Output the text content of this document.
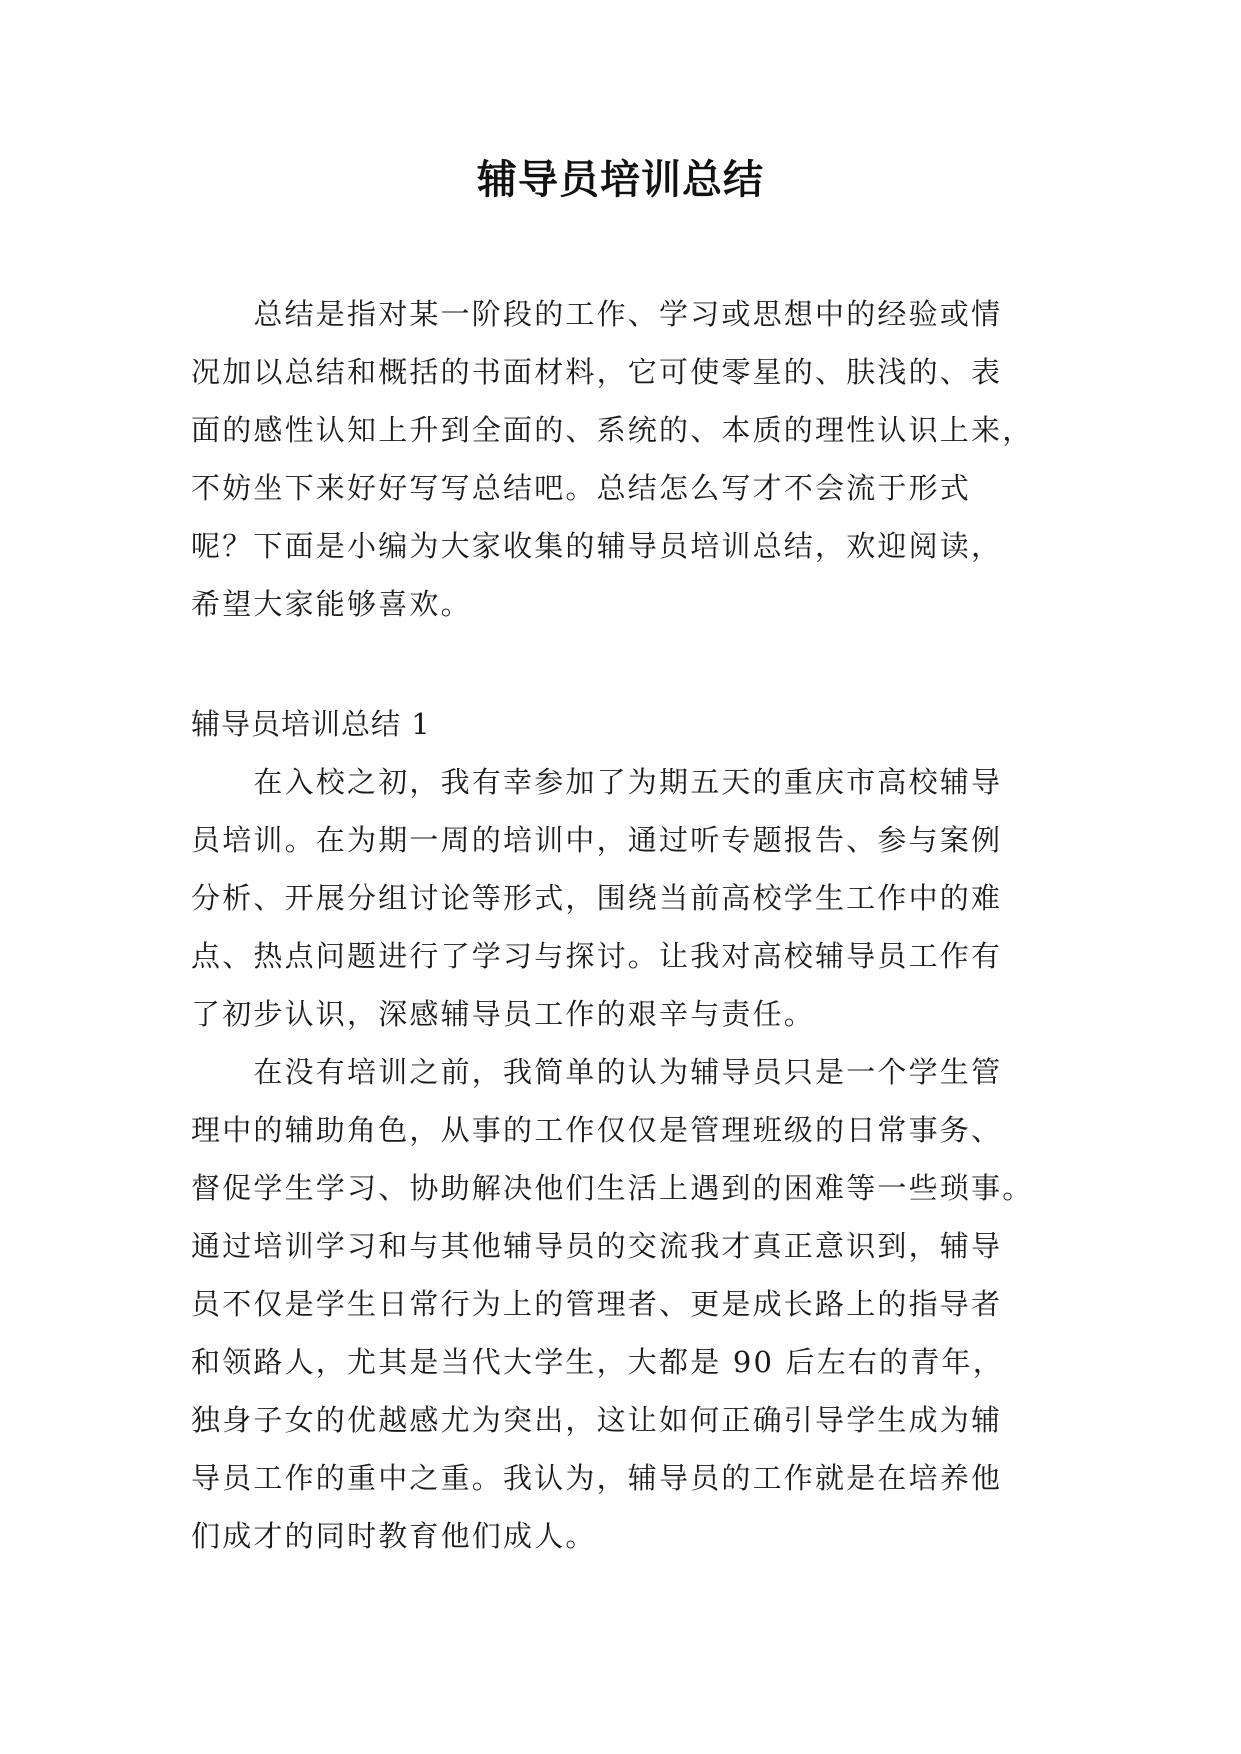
辅导员培训总结
　　总结是指对某一阶段的工作、学习或思想中的经验或情
况加以总结和概括的书面材料，它可使零星的、肤浅的、表
面的感性认知上升到全面的、系统的、本质的理性认识上来，
不妨坐下来好好写写总结吧。总结怎么写才不会流于形式
呢？下面是小编为大家收集的辅导员培训总结，欢迎阅读，
希望大家能够喜欢。
辅导员培训总结 1
　　在入校之初，我有幸参加了为期五天的重庆市高校辅导
员培训。在为期一周的培训中，通过听专题报告、参与案例
分析、开展分组讨论等形式，围绕当前高校学生工作中的难
点、热点问题进行了学习与探讨。让我对高校辅导员工作有
了初步认识，深感辅导员工作的艰辛与责任。
　　在没有培训之前，我简单的认为辅导员只是一个学生管
理中的辅助角色，从事的工作仅仅是管理班级的日常事务、
督促学生学习、协助解决他们生活上遇到的困难等一些琐事。
通过培训学习和与其他辅导员的交流我才真正意识到，辅导
员不仅是学生日常行为上的管理者、更是成长路上的指导者
和领路人，尤其是当代大学生，大都是 90 后左右的青年，
独身子女的优越感尤为突出，这让如何正确引导学生成为辅
导员工作的重中之重。我认为，辅导员的工作就是在培养他
们成才的同时教育他们成人。
